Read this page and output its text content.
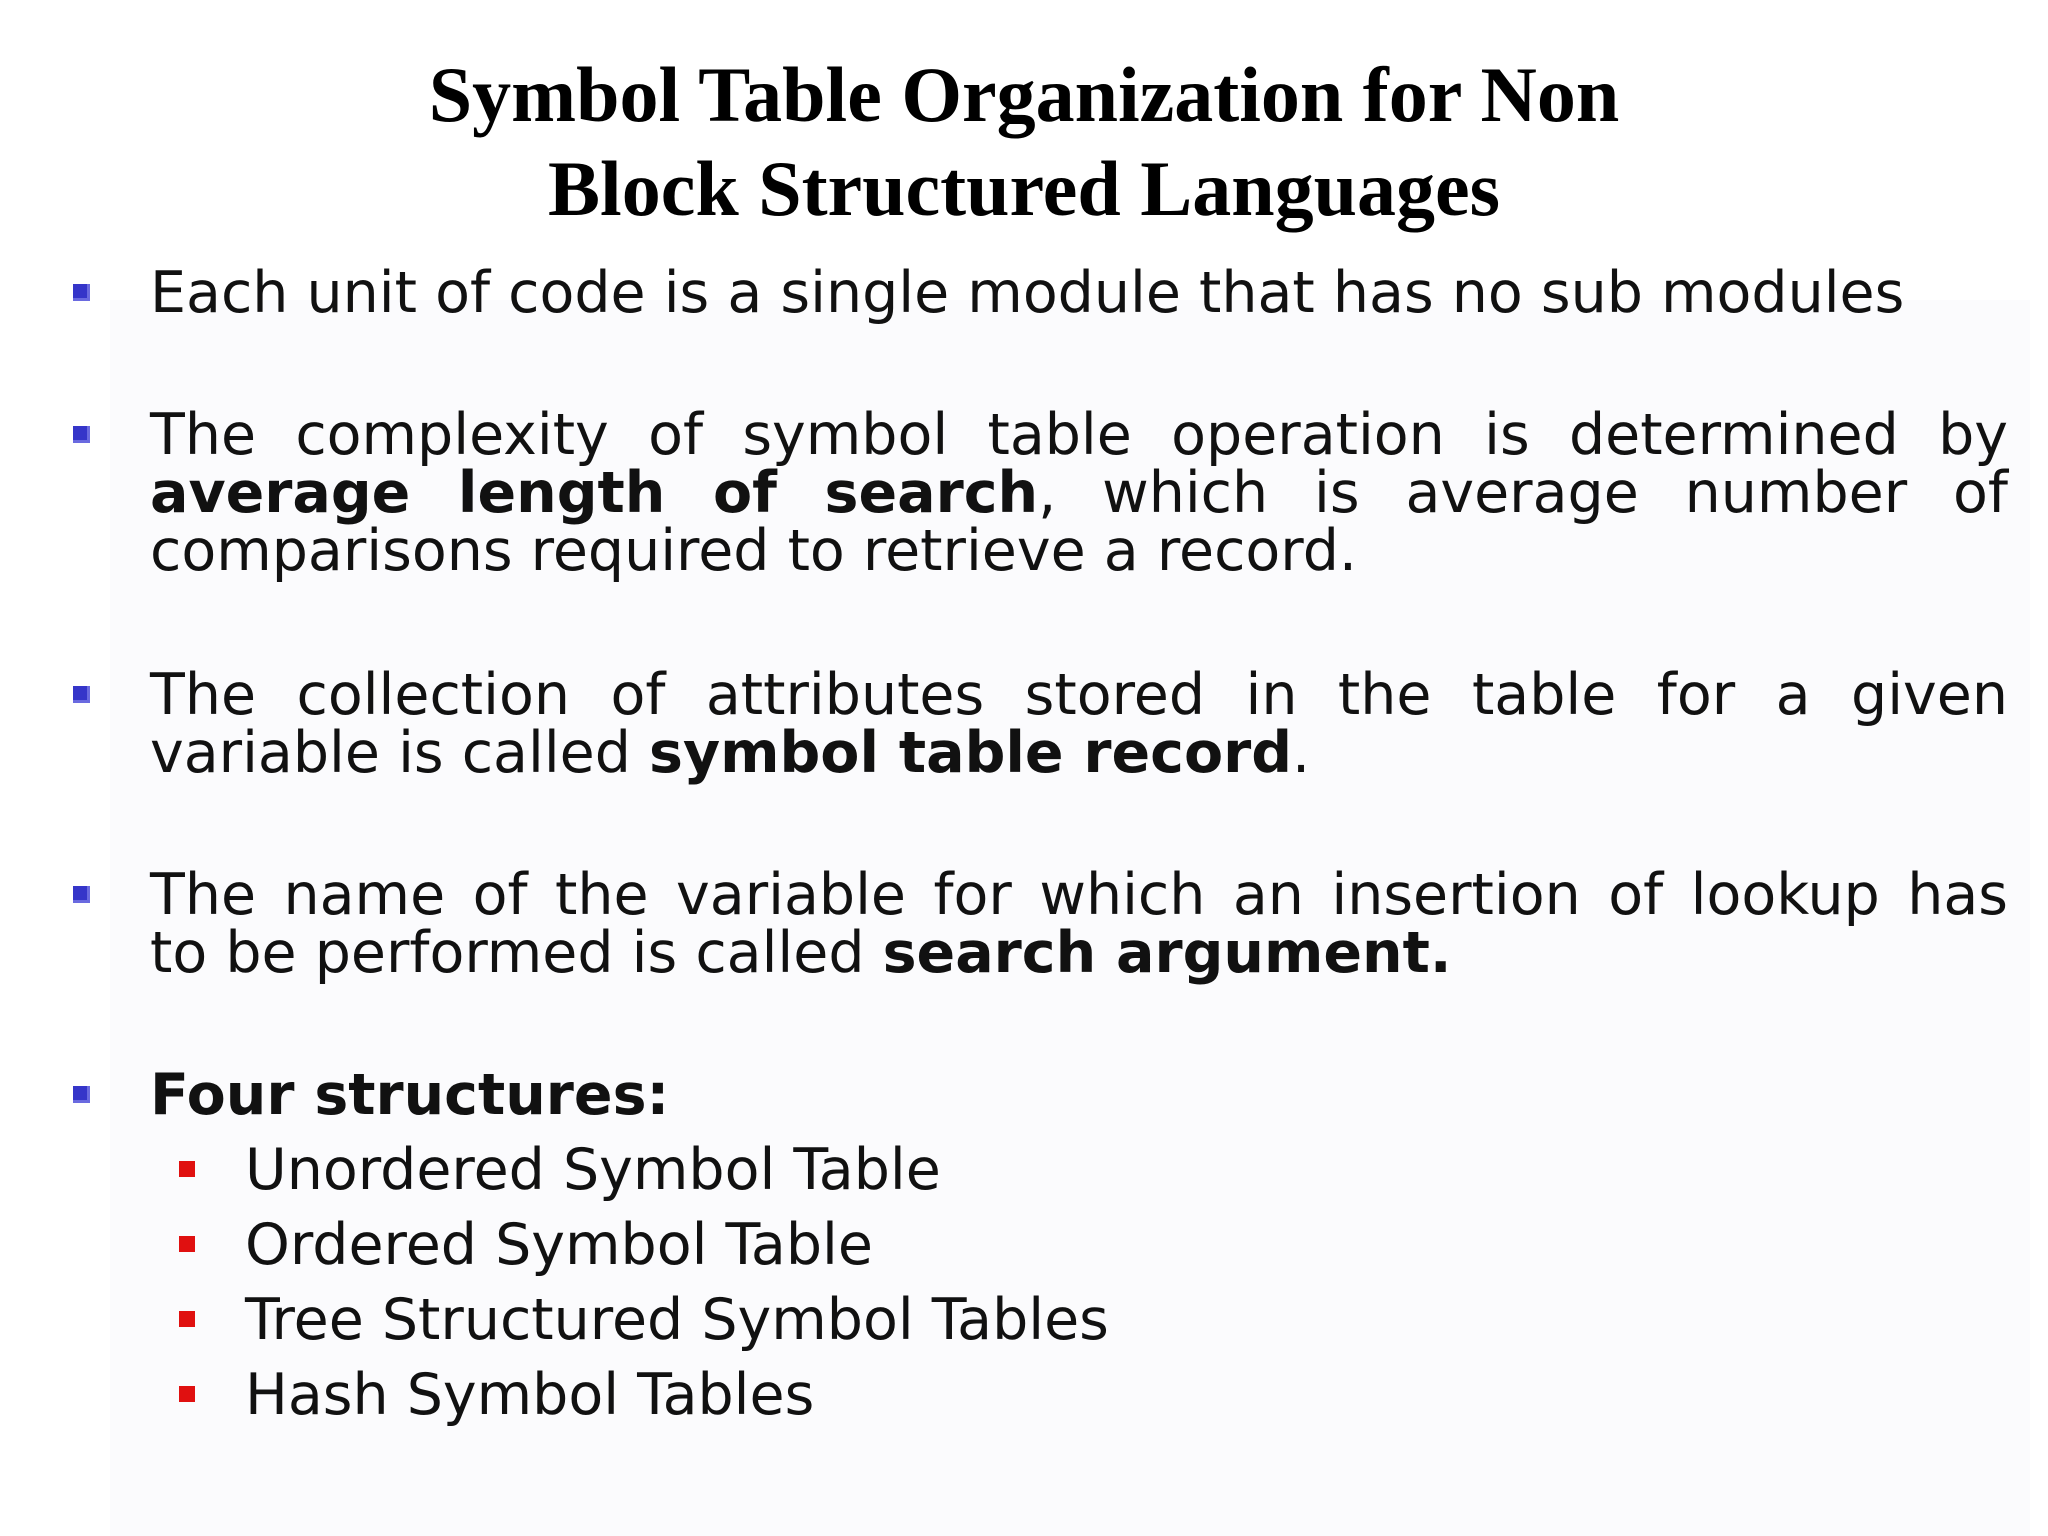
Symbol Table Organization for Non
Block Structured Languages
Each unit of code is a single module that has no sub modules
The complexity of symbol table operation is determined by
average length of search, which is average number of
comparisons required to retrieve a record.
The collection of attributes stored in the table for a given
variable is called symbol table record.
The name of the variable for which an insertion of lookup has
to be performed is called search argument.
Four structures:
Unordered Symbol Table
Ordered Symbol Table
Tree Structured Symbol Tables
Hash Symbol Tables
